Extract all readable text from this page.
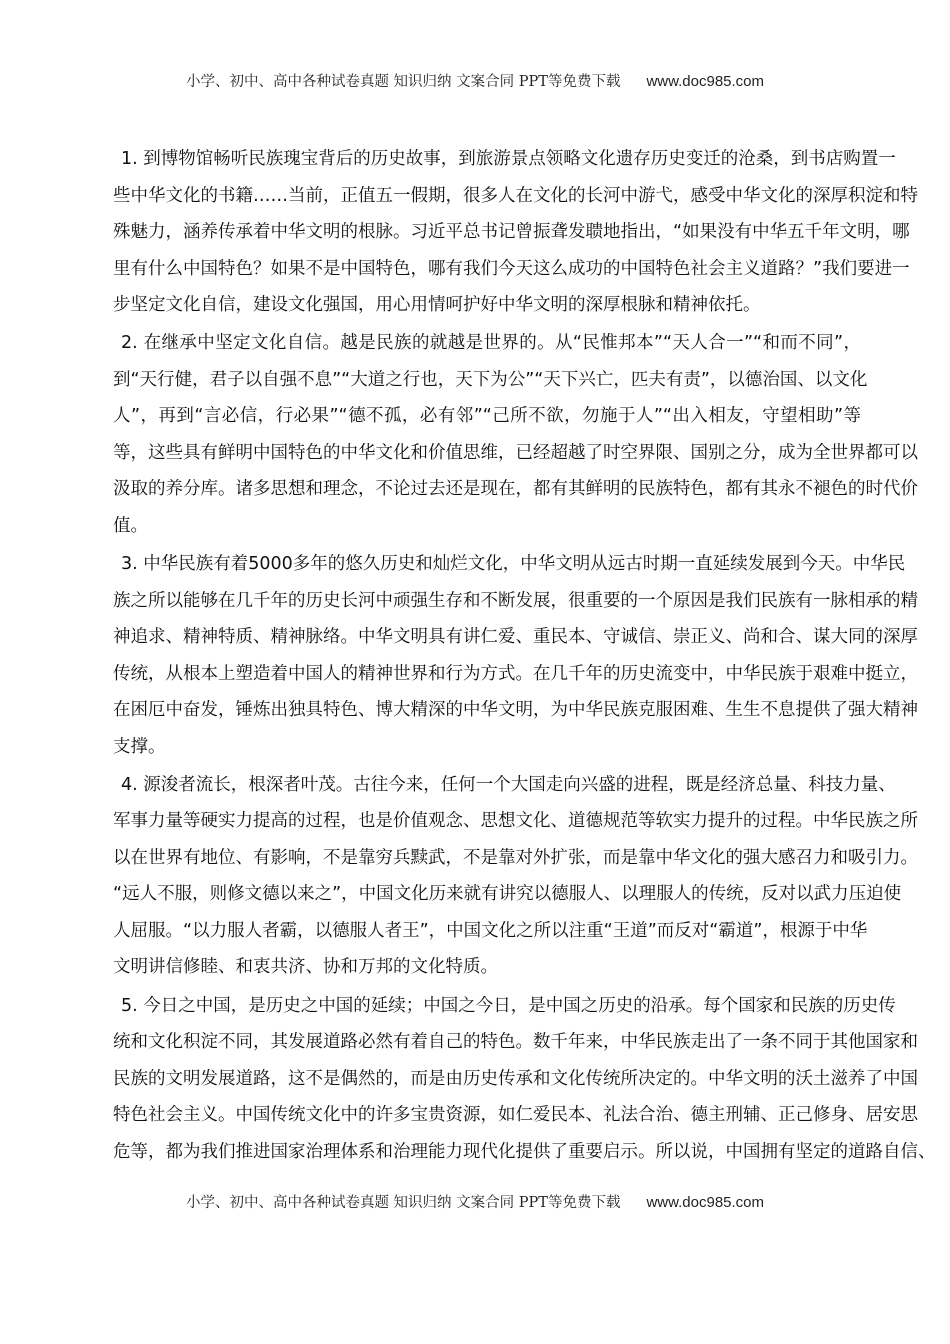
小学、初中、高中各种试卷真题 知识归纳 文案合同 PPT等免费下载 www.doc985.com
1. 到博物馆畅听民族瑰宝背后的历史故事，到旅游景点领略文化遗存历史变迁的沧桑，到书店购置一
些中华文化的书籍……当前，正值五一假期，很多人在文化的长河中游弋，感受中华文化的深厚积淀和特
殊魅力，涵养传承着中华文明的根脉。习近平总书记曾振聋发聩地指出，“如果没有中华五千年文明，哪
里有什么中国特色？如果不是中国特色，哪有我们今天这么成功的中国特色社会主义道路？”我们要进一
步坚定文化自信，建设文化强国，用心用情呵护好中华文明的深厚根脉和精神依托。
2. 在继承中坚定文化自信。越是民族的就越是世界的。从“民惟邦本”“天人合一”“和而不同”，
到“天行健，君子以自强不息”“大道之行也，天下为公”“天下兴亡，匹夫有责”，以德治国、以文化
人”，再到“言必信，行必果”“德不孤，必有邻”“己所不欲，勿施于人”“出入相友，守望相助”等
等，这些具有鲜明中国特色的中华文化和价值思维，已经超越了时空界限、国别之分，成为全世界都可以
汲取的养分库。诸多思想和理念，不论过去还是现在，都有其鲜明的民族特色，都有其永不褪色的时代价
值。
3. 中华民族有着5000多年的悠久历史和灿烂文化，中华文明从远古时期一直延续发展到今天。中华民
族之所以能够在几千年的历史长河中顽强生存和不断发展，很重要的一个原因是我们民族有一脉相承的精
神追求、精神特质、精神脉络。中华文明具有讲仁爱、重民本、守诚信、崇正义、尚和合、谋大同的深厚
传统，从根本上塑造着中国人的精神世界和行为方式。在几千年的历史流变中，中华民族于艰难中挺立，
在困厄中奋发，锤炼出独具特色、博大精深的中华文明，为中华民族克服困难、生生不息提供了强大精神
支撑。
4. 源浚者流长，根深者叶茂。古往今来，任何一个大国走向兴盛的进程，既是经济总量、科技力量、
军事力量等硬实力提高的过程，也是价值观念、思想文化、道德规范等软实力提升的过程。中华民族之所
以在世界有地位、有影响，不是靠穷兵黩武，不是靠对外扩张，而是靠中华文化的强大感召力和吸引力。
“远人不服，则修文德以来之”，中国文化历来就有讲究以德服人、以理服人的传统，反对以武力压迫使
人屈服。“以力服人者霸，以德服人者王”，中国文化之所以注重“王道”而反对“霸道”，根源于中华
文明讲信修睦、和衷共济、协和万邦的文化特质。
5. 今日之中国，是历史之中国的延续；中国之今日，是中国之历史的沿承。每个国家和民族的历史传
统和文化积淀不同，其发展道路必然有着自己的特色。数千年来，中华民族走出了一条不同于其他国家和
民族的文明发展道路，这不是偶然的，而是由历史传承和文化传统所决定的。中华文明的沃土滋养了中国
特色社会主义。中国传统文化中的许多宝贵资源，如仁爱民本、礼法合治、德主刑辅、正己修身、居安思
危等，都为我们推进国家治理体系和治理能力现代化提供了重要启示。所以说，中国拥有坚定的道路自信、
小学、初中、高中各种试卷真题 知识归纳 文案合同 PPT等免费下载 www.doc985.com
